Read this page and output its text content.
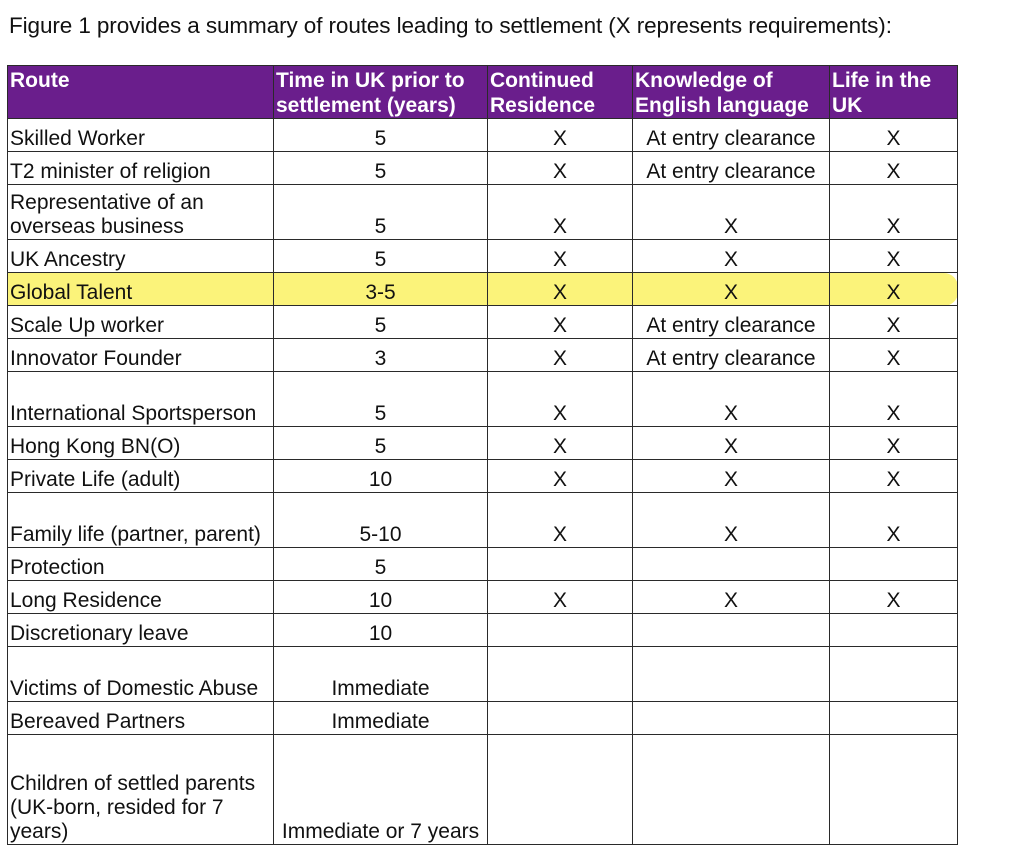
Figure 1 provides a summary of routes leading to settlement (X represents requirements):
Route	Time in UK prior to settlement (years)	Continued Residence	Knowledge of English language	Life in the UK
Skilled Worker	5	X	At entry clearance	X
T2 minister of religion	5	X	At entry clearance	X
Representative of an overseas business	5	X	X	X
UK Ancestry	5	X	X	X
Global Talent	3-5	X	X	X
Scale Up worker	5	X	At entry clearance	X
Innovator Founder	3	X	At entry clearance	X
International Sportsperson	5	X	X	X
Hong Kong BN(O)	5	X	X	X
Private Life (adult)	10	X	X	X
Family life (partner, parent)	5-10	X	X	X
Protection	5			
Long Residence	10	X	X	X
Discretionary leave	10			
Victims of Domestic Abuse	Immediate			
Bereaved Partners	Immediate			
Children of settled parents (UK-born, resided for 7 years)	Immediate or 7 years			
